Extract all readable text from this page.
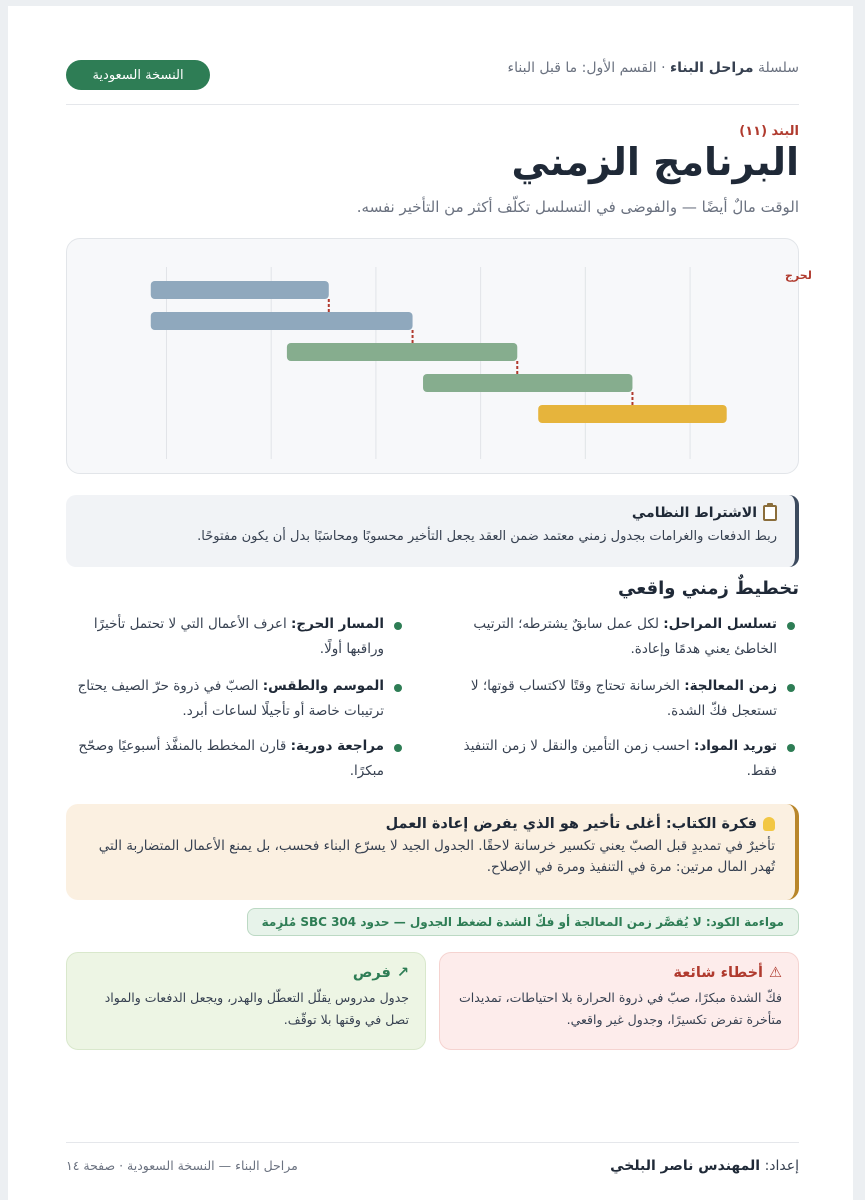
سلسلة مراحل البناء · القسم الأول: ما قبل البناء
النسخة السعودية
البند (١١)
البرنامج الزمني
الوقت مالٌ أيضًا — والفوضى في التسلسل تكلّف أكثر من التأخير نفسه.
لحرج
الاشتراط النظامي
ربط الدفعات والغرامات بجدول زمني معتمد ضمن العقد يجعل التأخير محسوبًا ومحاسَبًا بدل أن يكون مفتوحًا.
تخطيطٌ زمني واقعي
تسلسل المراحل: لكل عمل سابقٌ يشترطه؛ الترتيب الخاطئ يعني هدمًا وإعادة.
المسار الحرج: اعرف الأعمال التي لا تحتمل تأخيرًا وراقبها أولًا.
زمن المعالجة: الخرسانة تحتاج وقتًا لاكتساب قوتها؛ لا تستعجل فكّ الشدة.
الموسم والطقس: الصبّ في ذروة حرّ الصيف يحتاج ترتيبات خاصة أو تأجيلًا لساعات أبرد.
توريد المواد: احسب زمن التأمين والنقل لا زمن التنفيذ فقط.
مراجعة دورية: قارن المخطط بالمنفَّذ أسبوعيًا وصحّح مبكرًا.
فكرة الكتاب: أغلى تأخير هو الذي يفرض إعادة العمل
تأخيرٌ في تمديدٍ قبل الصبّ يعني تكسير خرسانة لاحقًا. الجدول الجيد لا يسرّع البناء فحسب، بل يمنع الأعمال المتضاربة التي تُهدر المال مرتين: مرة في التنفيذ ومرة في الإصلاح.
مواءمة الكود: لا يُقصَّر زمن المعالجة أو فكّ الشدة لضغط الجدول — حدود SBC 304 مُلزِمة
⚠
أخطاء شائعة
فكّ الشدة مبكرًا، صبّ في ذروة الحرارة بلا احتياطات، تمديدات متأخرة تفرض تكسيرًا، وجدول غير واقعي.
↗
فرص
جدول مدروس يقلّل التعطّل والهدر، ويجعل الدفعات والمواد تصل في وقتها بلا توقّف.
إعداد: المهندس ناصر البلخي
مراحل البناء — النسخة السعودية · صفحة ١٤
